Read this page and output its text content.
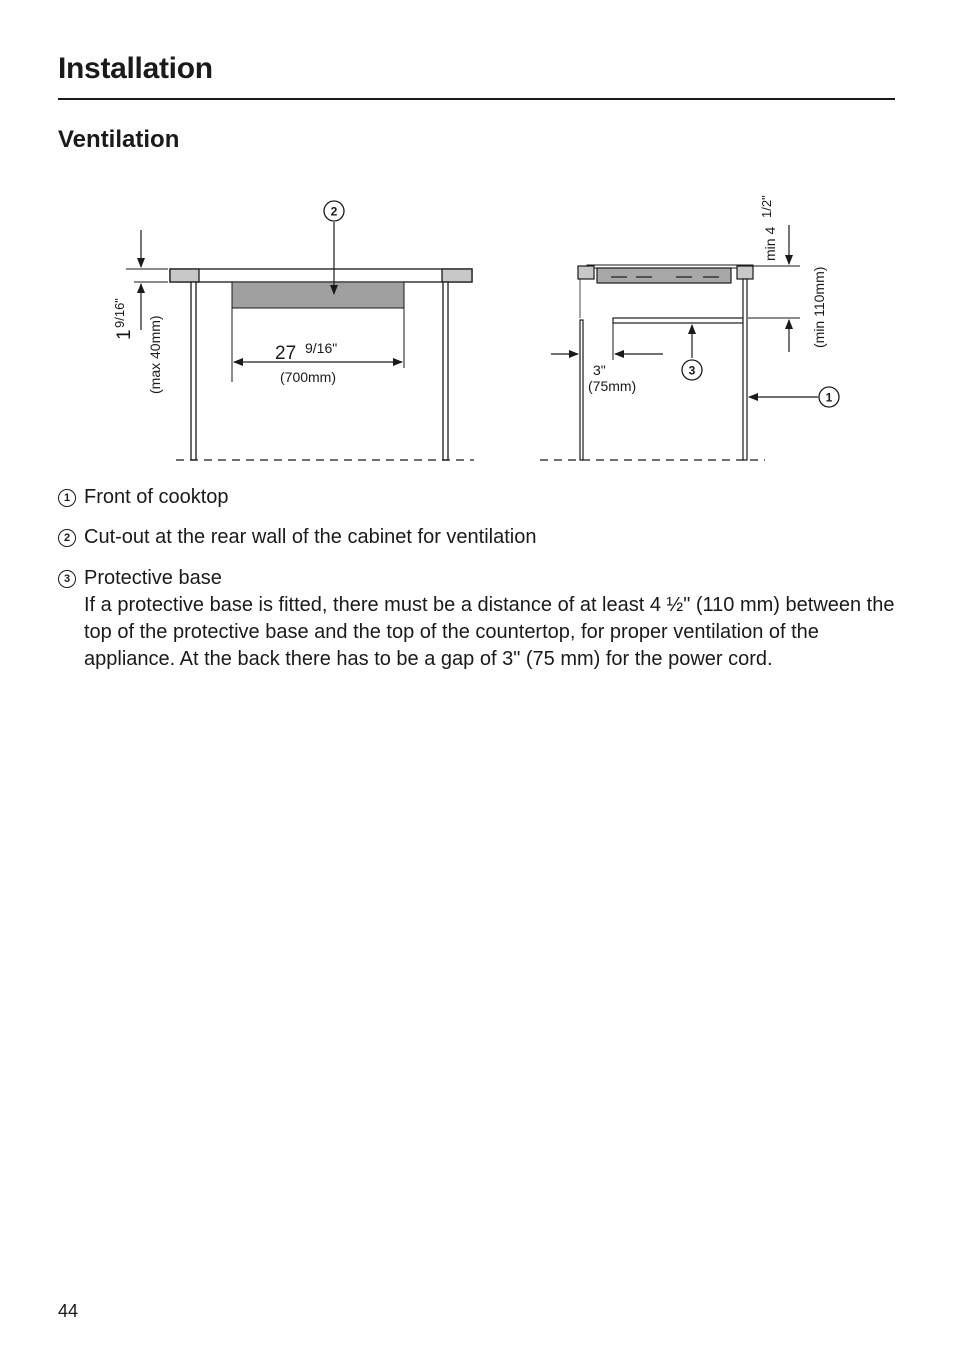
Installation
Ventilation
2
1
9/16"
(max 40mm)	27 9/16"
(700mm)
min 4
1/2"
(min 110mm)
3"
(75mm)
3
1
1 Front of cooktop
2 Cut-out at the rear wall of the cabinet for ventilation
3 Protective base
If a protective base is fitted, there must be a distance of at least 4 ½" (110 mm) between the top of the protective base and the top of the countertop, for proper ventilation of the appliance. At the back there has to be a gap of 3" (75 mm) for the power cord.
44
